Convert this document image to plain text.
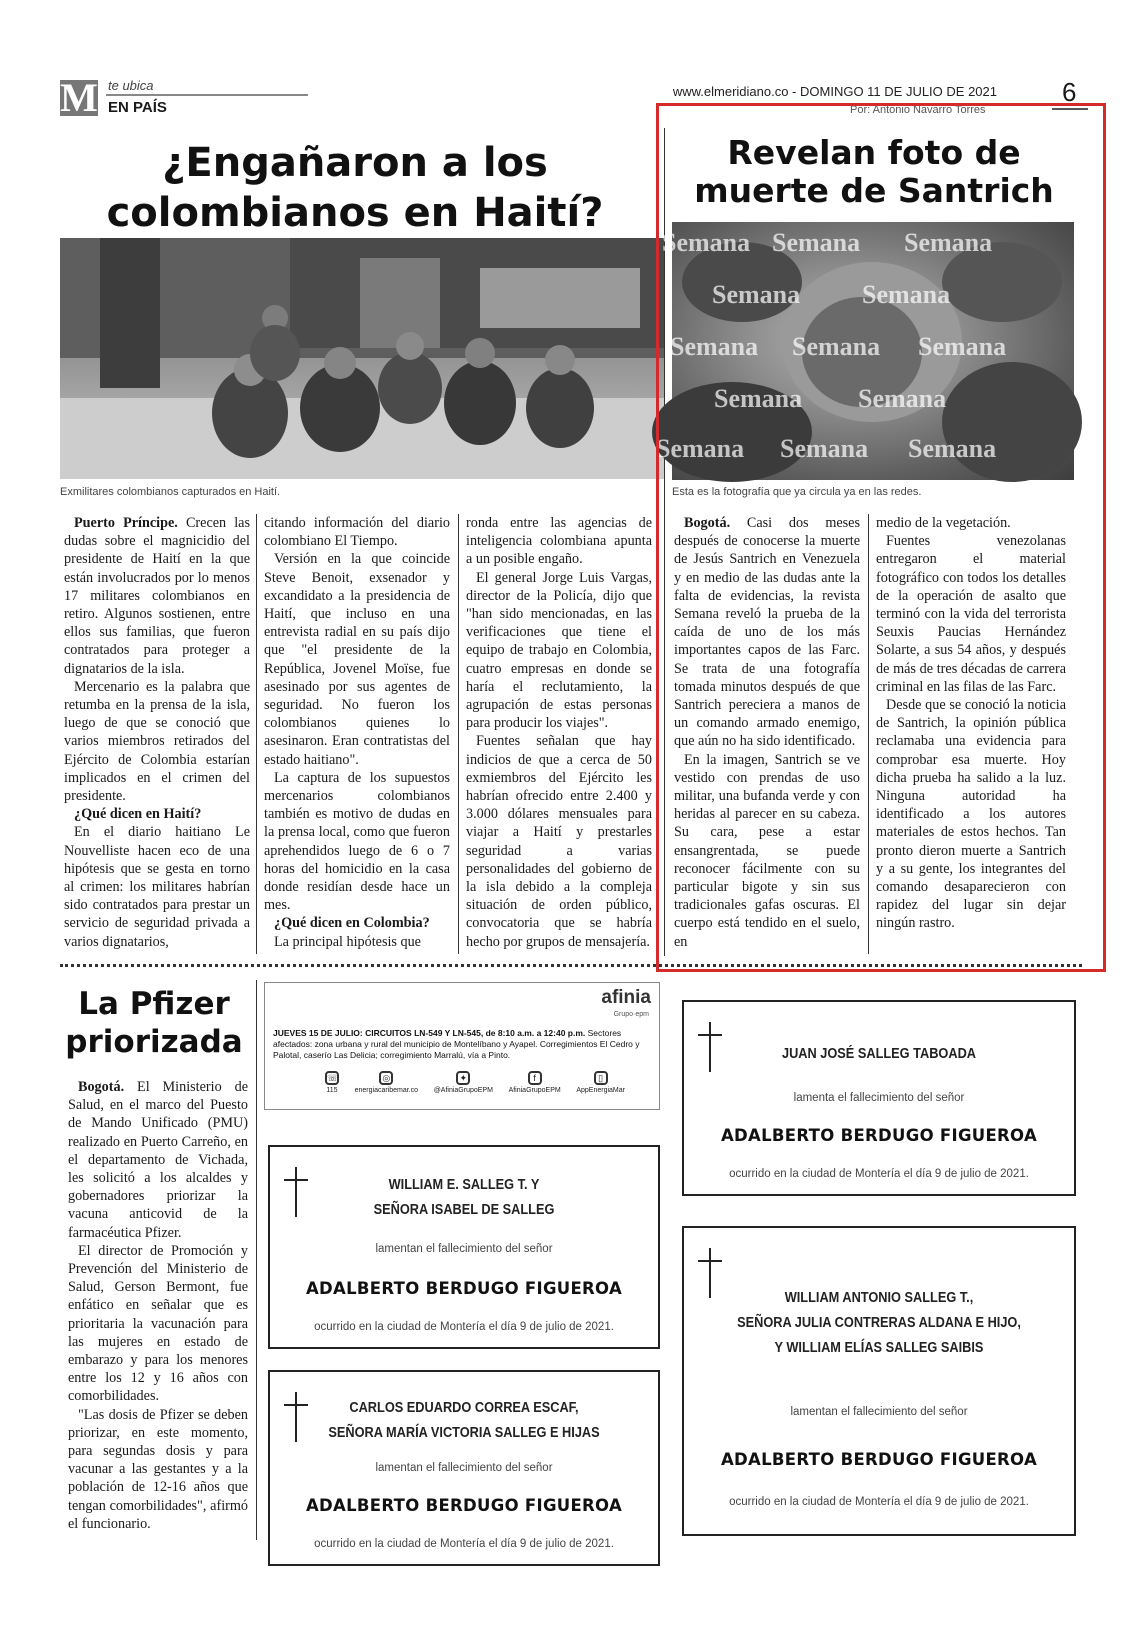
M te ubica
EN PAÍS
www.elmeridiano.co - DOMINGO 11 DE JULIO DE 2021	6
Por: Antonio Navarro Torres
¿Engañaron a los
colombianos en Haití?
Exmilitares colombianos capturados en Haití.

Puerto Príncipe. Crecen las dudas sobre el magnicidio del presidente de Haití en la que están involucrados por lo menos 17 militares colombianos en retiro. Algunos sostienen, entre ellos sus familias, que fueron contratados para proteger a dignatarios de la isla.

Mercenario es la palabra que retumba en la prensa de la isla, luego de que se conoció que varios miembros retirados del Ejército de Colombia estarían implicados en el crimen del presidente.

¿Qué dicen en Haití?

En el diario haitiano Le Nouvelliste hacen eco de una hipótesis que se gesta en torno al crimen: los militares habrían sido contratados para prestar un servicio de seguridad privada a varios dignatarios,

citando información del diario colombiano El Tiempo.

Versión en la que coincide Steve Benoit, exsenador y excandidato a la presidencia de Haití, que incluso en una entrevista radial en su país dijo que "el presidente de la República, Jovenel Moïse, fue asesinado por sus agentes de seguridad. No fueron los colombianos quienes lo asesinaron. Eran contratistas del estado haitiano".

La captura de los supuestos mercenarios colombianos también es motivo de dudas en la prensa local, como que fueron aprehendidos luego de 6 o 7 horas del homicidio en la casa donde residían desde hace un mes.

¿Qué dicen en Colombia?

La principal hipótesis que

ronda entre las agencias de inteligencia colombiana apunta a un posible engaño.

El general Jorge Luis Vargas, director de la Policía, dijo que "han sido mencionadas, en las verificaciones que tiene el equipo de trabajo en Colombia, cuatro empresas en donde se haría el reclutamiento, la agrupación de estas personas para producir los viajes".

Fuentes señalan que hay indicios de que a cerca de 50 exmiembros del Ejército les habrían ofrecido entre 2.400 y 3.000 dólares mensuales para viajar a Haití y prestarles seguridad a varias personalidades del gobierno de la isla debido a la compleja situación de orden público, convocatoria que se habría hecho por grupos de mensajería.

Revelan foto de
muerte de Santrich
Semana Semana Semana
Semana Semana
Semana Semana Semana
Semana Semana
Semana Semana Semana
Esta es la fotografía que ya circula ya en las redes.

Bogotá. Casi dos meses después de conocerse la muerte de Jesús Santrich en Venezuela y en medio de las dudas ante la falta de evidencias, la revista Semana reveló la prueba de la caída de uno de los más importantes capos de las Farc. Se trata de una fotografía tomada minutos después de que Santrich pereciera a manos de un comando armado enemigo, que aún no ha sido identificado.

En la imagen, Santrich se ve vestido con prendas de uso militar, una bufanda verde y con heridas al parecer en su cabeza. Su cara, pese a estar ensangrentada, se puede reconocer fácilmente con su particular bigote y sin sus tradicionales gafas oscuras. El cuerpo está tendido en el suelo, en

medio de la vegetación.

Fuentes venezolanas entregaron el material fotográfico con todos los detalles de la operación de asalto que terminó con la vida del terrorista Seuxis Paucias Hernández Solarte, a sus 54 años, y después de más de tres décadas de carrera criminal en las filas de las Farc.

Desde que se conoció la noticia de Santrich, la opinión pública reclamaba una evidencia para comprobar esa muerte. Hoy dicha prueba ha salido a la luz. Ninguna autoridad ha identificado a los autores materiales de estos hechos. Tan pronto dieron muerte a Santrich y a su gente, los integrantes del comando desaparecieron con rapidez del lugar sin dejar ningún rastro.

La Pfizer
priorizada

Bogotá. El Ministerio de Salud, en el marco del Puesto de Mando Unificado (PMU) realizado en Puerto Carreño, en el departamento de Vichada, les solicitó a los alcaldes y gobernadores priorizar la vacuna anticovid de la farmacéutica Pfizer.

El director de Promoción y Prevención del Ministerio de Salud, Gerson Bermont, fue enfático en señalar que es prioritaria la vacunación para las mujeres en estado de embarazo y para los menores entre los 12 y 16 años con comorbilidades.

"Las dosis de Pfizer se deben priorizar, en este momento, para segundas dosis y para vacunar a las gestantes y a la población de 12-16 años que tengan comorbilidades", afirmó el funcionario.

afinia
Grupo·epm
JUEVES 15 DE JULIO: CIRCUITOS LN-549 Y LN-545, de 8:10 a.m. a 12:40 p.m. Sectores afectados: zona urbana y rural del municipio de Montelíbano y Ayapel. Corregimientos El Cedro y Palotal, caserío Las Delicia; corregimiento Marralú, vía a Pinto.
☏
115
◎
energiacaribemar.co
✦
@AfiniaGrupoEPM
f
AfiniaGrupoEPM
▯
AppEnergiaMar
JUAN JOSÉ SALLEG TABOADA
lamenta el fallecimiento del señor
ADALBERTO BERDUGO FIGUEROA
ocurrido en la ciudad de Montería el día 9 de julio de 2021.
WILLIAM E. SALLEG T. Y
SEÑORA ISABEL DE SALLEG
lamentan el fallecimiento del señor
ADALBERTO BERDUGO FIGUEROA
ocurrido en la ciudad de Montería el día 9 de julio de 2021.
WILLIAM ANTONIO SALLEG T.,
SEÑORA JULIA CONTRERAS ALDANA E HIJO,
Y WILLIAM ELÍAS SALLEG SAIBIS
lamentan el fallecimiento del señor
ADALBERTO BERDUGO FIGUEROA
ocurrido en la ciudad de Montería el día 9 de julio de 2021.
CARLOS EDUARDO CORREA ESCAF,
SEÑORA MARÍA VICTORIA SALLEG E HIJAS
lamentan el fallecimiento del señor
ADALBERTO BERDUGO FIGUEROA
ocurrido en la ciudad de Montería el día 9 de julio de 2021.
